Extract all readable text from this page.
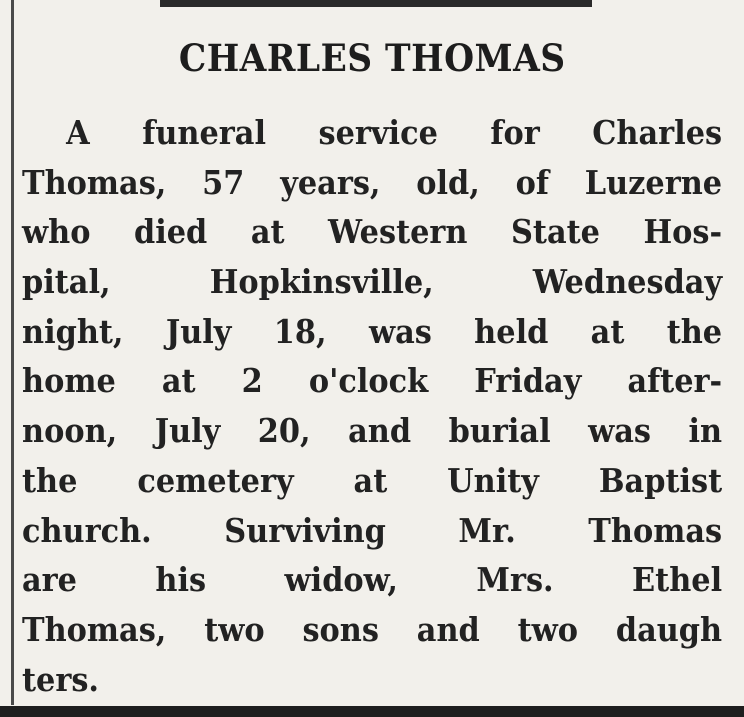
CHARLES THOMAS
A funeral service for Charles
Thomas, 57 years, old, of Luzerne
who died at Western State Hos-
pital, Hopkinsville, Wednesday
night, July 18, was held at the
home at 2 o'clock Friday after-
noon, July 20, and burial was in
the cemetery at Unity Baptist
church. Surviving Mr. Thomas
are his widow, Mrs. Ethel
Thomas, two sons and two daugh
ters.
